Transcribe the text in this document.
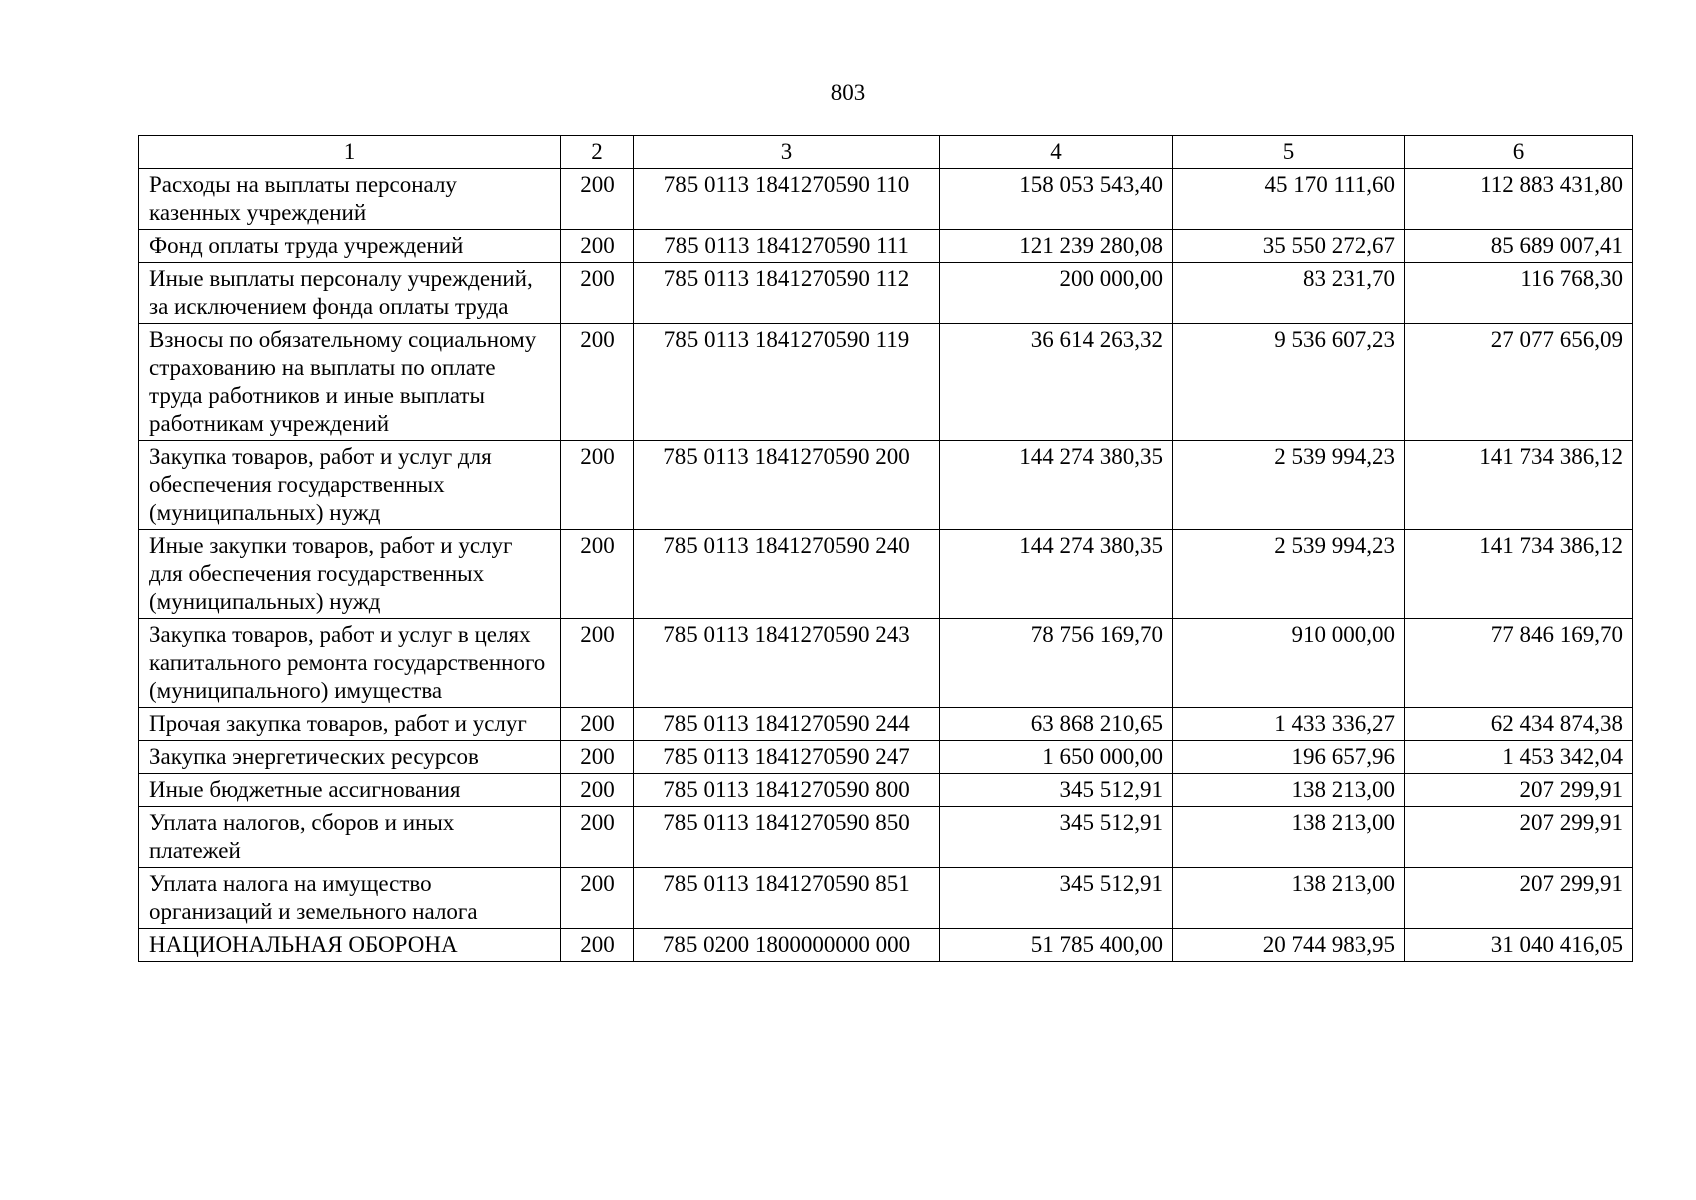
803
1	2	3	4	5	6
Расходы на выплаты персоналу казенных учреждений	200	785 0113 1841270590 110	158 053 543,40	45 170 111,60	112 883 431,80
Фонд оплаты труда учреждений	200	785 0113 1841270590 111	121 239 280,08	35 550 272,67	85 689 007,41
Иные выплаты персоналу учреждений, за исключением фонда оплаты труда	200	785 0113 1841270590 112	200 000,00	83 231,70	116 768,30
Взносы по обязательному социальному страхованию на выплаты по оплате труда работников и иные выплаты работникам учреждений	200	785 0113 1841270590 119	36 614 263,32	9 536 607,23	27 077 656,09
Закупка товаров, работ и услуг для обеспечения государственных (муниципальных) нужд	200	785 0113 1841270590 200	144 274 380,35	2 539 994,23	141 734 386,12
Иные закупки товаров, работ и услуг для обеспечения государственных (муниципальных) нужд	200	785 0113 1841270590 240	144 274 380,35	2 539 994,23	141 734 386,12
Закупка товаров, работ и услуг в целях капитального ремонта государственного (муниципального) имущества	200	785 0113 1841270590 243	78 756 169,70	910 000,00	77 846 169,70
Прочая закупка товаров, работ и услуг	200	785 0113 1841270590 244	63 868 210,65	1 433 336,27	62 434 874,38
Закупка энергетических ресурсов	200	785 0113 1841270590 247	1 650 000,00	196 657,96	1 453 342,04
Иные бюджетные ассигнования	200	785 0113 1841270590 800	345 512,91	138 213,00	207 299,91
Уплата налогов, сборов и иных платежей	200	785 0113 1841270590 850	345 512,91	138 213,00	207 299,91
Уплата налога на имущество организаций и земельного налога	200	785 0113 1841270590 851	345 512,91	138 213,00	207 299,91
НАЦИОНАЛЬНАЯ ОБОРОНА	200	785 0200 1800000000 000	51 785 400,00	20 744 983,95	31 040 416,05
